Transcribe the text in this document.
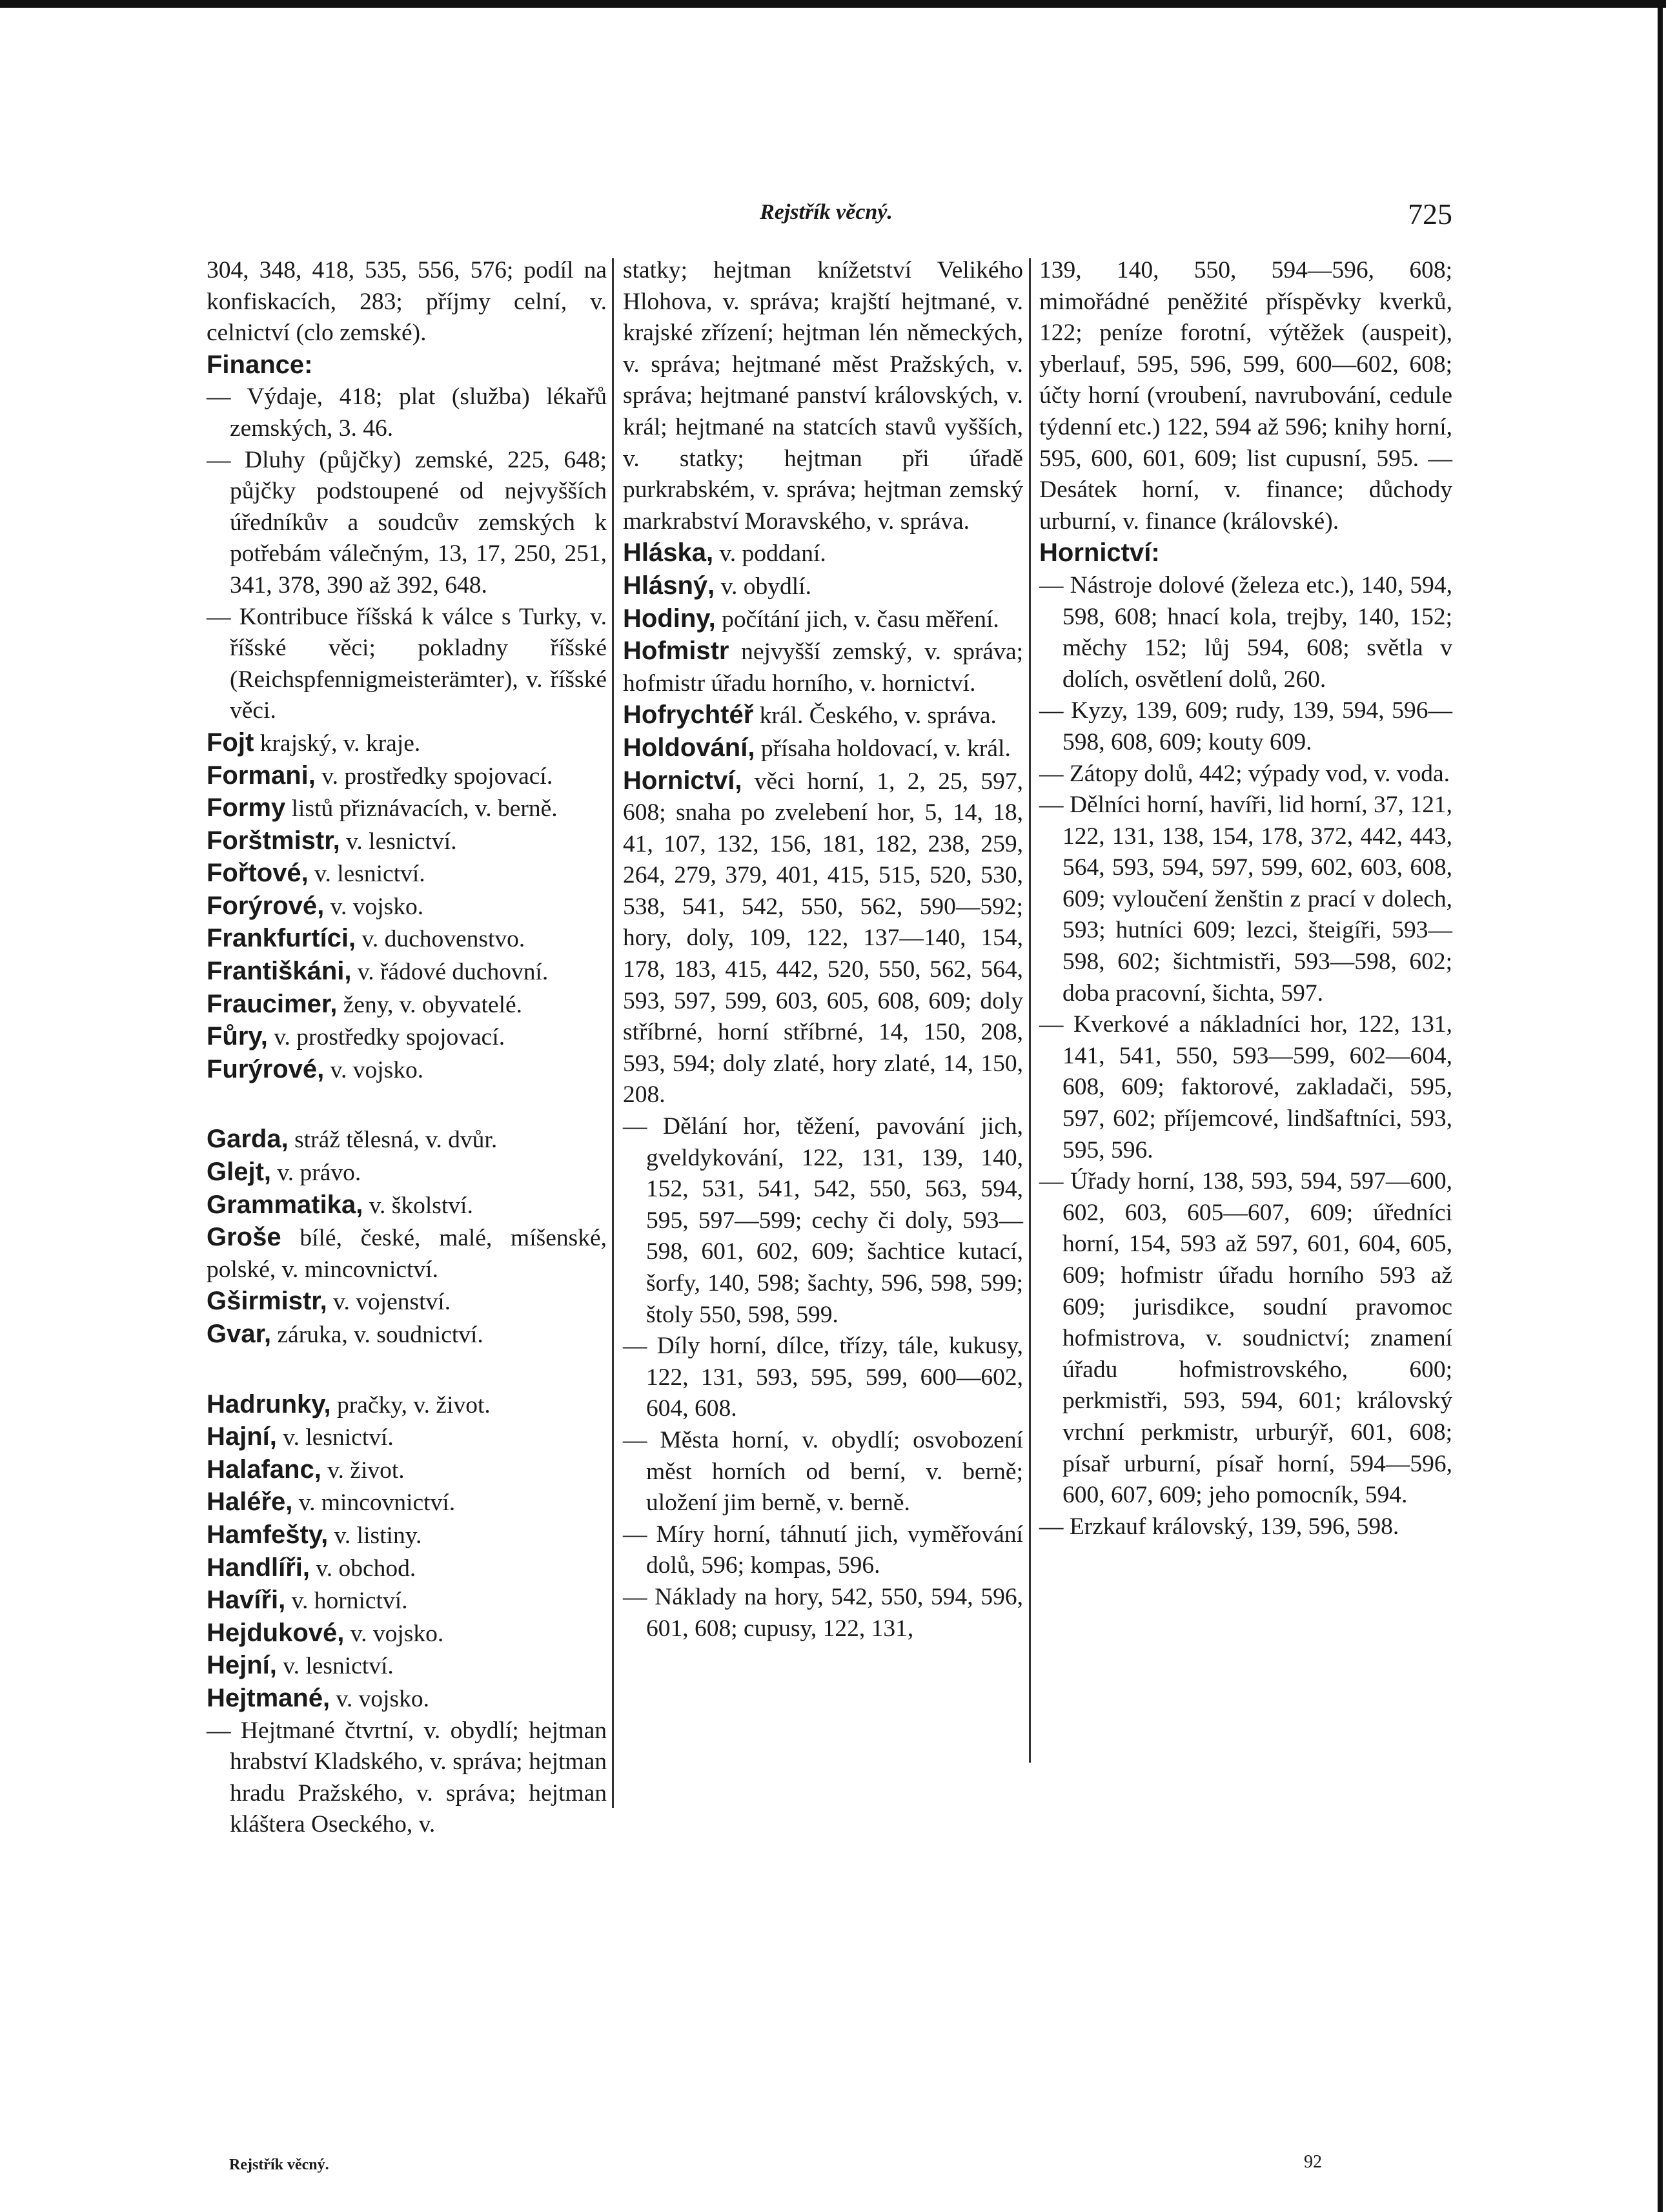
Rejstřík věcný.	725

304, 348, 418, 535, 556, 576; podíl na konfiskacích, 283; příjmy celní, v. celnictví (clo zemské).

Finance:

— Výdaje, 418; plat (služba) lékařů zemských, 3. 46.

— Dluhy (půjčky) zemské, 225, 648; půjčky podstoupené od nejvyšších úředníkův a soudcův zemských k potřebám válečným, 13, 17, 250, 251, 341, 378, 390 až 392, 648.

— Kontribuce říšská k válce s Turky, v. říšské věci; pokladny říšské (Reichspfennigmeisterämter), v. říšské věci.

Fojt krajský, v. kraje.

Formani, v. prostředky spojovací.

Formy listů přiznávacích, v. berně.

Forštmistr, v. lesnictví.

Fořtové, v. lesnictví.

Forýrové, v. vojsko.

Frankfurtíci, v. duchovenstvo.

Františkáni, v. řádové duchovní.

Fraucimer, ženy, v. obyvatelé.

Fůry, v. prostředky spojovací.

Furýrové, v. vojsko.

Garda, stráž tělesná, v. dvůr.

Glejt, v. právo.

Grammatika, v. školství.

Groše bílé, české, malé, míšenské, polské, v. mincovnictví.

Gširmistr, v. vojenství.

Gvar, záruka, v. soudnictví.

Hadrunky, pračky, v. život.

Hajní, v. lesnictví.

Halafanc, v. život.

Haléře, v. mincovnictví.

Hamfešty, v. listiny.

Handlíři, v. obchod.

Havíři, v. hornictví.

Hejdukové, v. vojsko.

Hejní, v. lesnictví.

Hejtmané, v. vojsko.

— Hejtmané čtvrtní, v. obydlí; hejtman hrabství Kladského, v. správa; hejtman hradu Pražského, v. správa; hejtman kláštera Oseckého, v.

statky; hejtman knížetství Velikého Hlohova, v. správa; krajští hejtmané, v. krajské zřízení; hejtman lén německých, v. správa; hejtmané měst Pražských, v. správa; hejtmané panství královských, v. král; hejtmané na statcích stavů vyšších, v. statky; hejtman při úřadě purkrabském, v. správa; hejtman zemský markrabství Moravského, v. správa.

Hláska, v. poddaní.

Hlásný, v. obydlí.

Hodiny, počítání jich, v. času měření.

Hofmistr nejvyšší zemský, v. správa; hofmistr úřadu horního, v. hornictví.

Hofrychtéř král. Českého, v. správa.

Holdování, přísaha holdovací, v. král.

Hornictví, věci horní, 1, 2, 25, 597, 608; snaha po zvelebení hor, 5, 14, 18, 41, 107, 132, 156, 181, 182, 238, 259, 264, 279, 379, 401, 415, 515, 520, 530, 538, 541, 542, 550, 562, 590—592; hory, doly, 109, 122, 137—140, 154, 178, 183, 415, 442, 520, 550, 562, 564, 593, 597, 599, 603, 605, 608, 609; doly stříbrné, horní stříbrné, 14, 150, 208, 593, 594; doly zlaté, hory zlaté, 14, 150, 208.

— Dělání hor, těžení, pavování jich, gveldykování, 122, 131, 139, 140, 152, 531, 541, 542, 550, 563, 594, 595, 597—599; cechy či doly, 593—598, 601, 602, 609; šachtice kutací, šorfy, 140, 598; šachty, 596, 598, 599; štoly 550, 598, 599.

— Díly horní, dílce, třízy, tále, kukusy, 122, 131, 593, 595, 599, 600—602, 604, 608.

— Města horní, v. obydlí; osvobození měst horních od berní, v. berně; uložení jim berně, v. berně.

— Míry horní, táhnutí jich, vyměřování dolů, 596; kompas, 596.

— Náklady na hory, 542, 550, 594, 596, 601, 608; cupusy, 122, 131,

139, 140, 550, 594—596, 608; mimořádné peněžité příspěvky kverků, 122; peníze forotní, výtěžek (auspeit), yberlauf, 595, 596, 599, 600—602, 608; účty horní (vroubení, navrubování, cedule týdenní etc.) 122, 594 až 596; knihy horní, 595, 600, 601, 609; list cupusní, 595. — Desátek horní, v. finance; důchody urburní, v. finance (královské).

Hornictví:

— Nástroje dolové (železa etc.), 140, 594, 598, 608; hnací kola, trejby, 140, 152; měchy 152; lůj 594, 608; světla v dolích, osvětlení dolů, 260.

— Kyzy, 139, 609; rudy, 139, 594, 596—598, 608, 609; kouty 609.

— Zátopy dolů, 442; výpady vod, v. voda.

— Dělníci horní, havíři, lid horní, 37, 121, 122, 131, 138, 154, 178, 372, 442, 443, 564, 593, 594, 597, 599, 602, 603, 608, 609; vyloučení ženštin z prací v dolech, 593; hutníci 609; lezci, šteigíři, 593—598, 602; šichtmistři, 593—598, 602; doba pracovní, šichta, 597.

— Kverkové a nákladníci hor, 122, 131, 141, 541, 550, 593—599, 602—604, 608, 609; faktorové, zakladači, 595, 597, 602; příjemcové, lindšaftníci, 593, 595, 596.

— Úřady horní, 138, 593, 594, 597—600, 602, 603, 605—607, 609; úředníci horní, 154, 593 až 597, 601, 604, 605, 609; hofmistr úřadu horního 593 až 609; jurisdikce, soudní pravomoc hofmistrova, v. soudnictví; znamení úřadu hofmistrovského, 600; perkmistři, 593, 594, 601; královský vrchní perkmistr, urburýř, 601, 608; písař urburní, písař horní, 594—596, 600, 607, 609; jeho pomocník, 594.

— Erzkauf královský, 139, 596, 598.

Rejstřík věcný.	92
